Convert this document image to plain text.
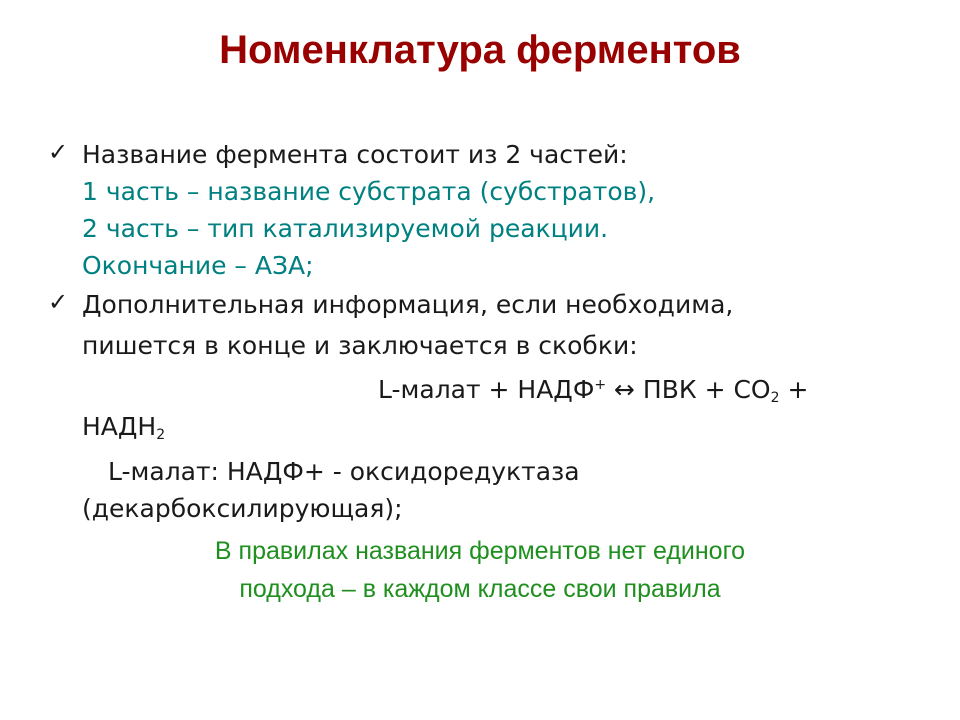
Номенклатура ферментов
✓ Название фермента состоит из 2 частей:
1 часть – название субстрата (субстратов),
2 часть – тип катализируемой реакции.
Окончание – АЗА;
✓ Дополнительная информация, если необходима,
пишется в конце и заключается в скобки:
L-малат + НАДФ+ ↔ ПВК + $СО_2$ +
$НАДН_2$
L-малат: НАДФ+ - оксидоредуктаза
(декарбоксилирующая);
В правилах названия ферментов нет единого
подхода – в каждом классе свои правила
